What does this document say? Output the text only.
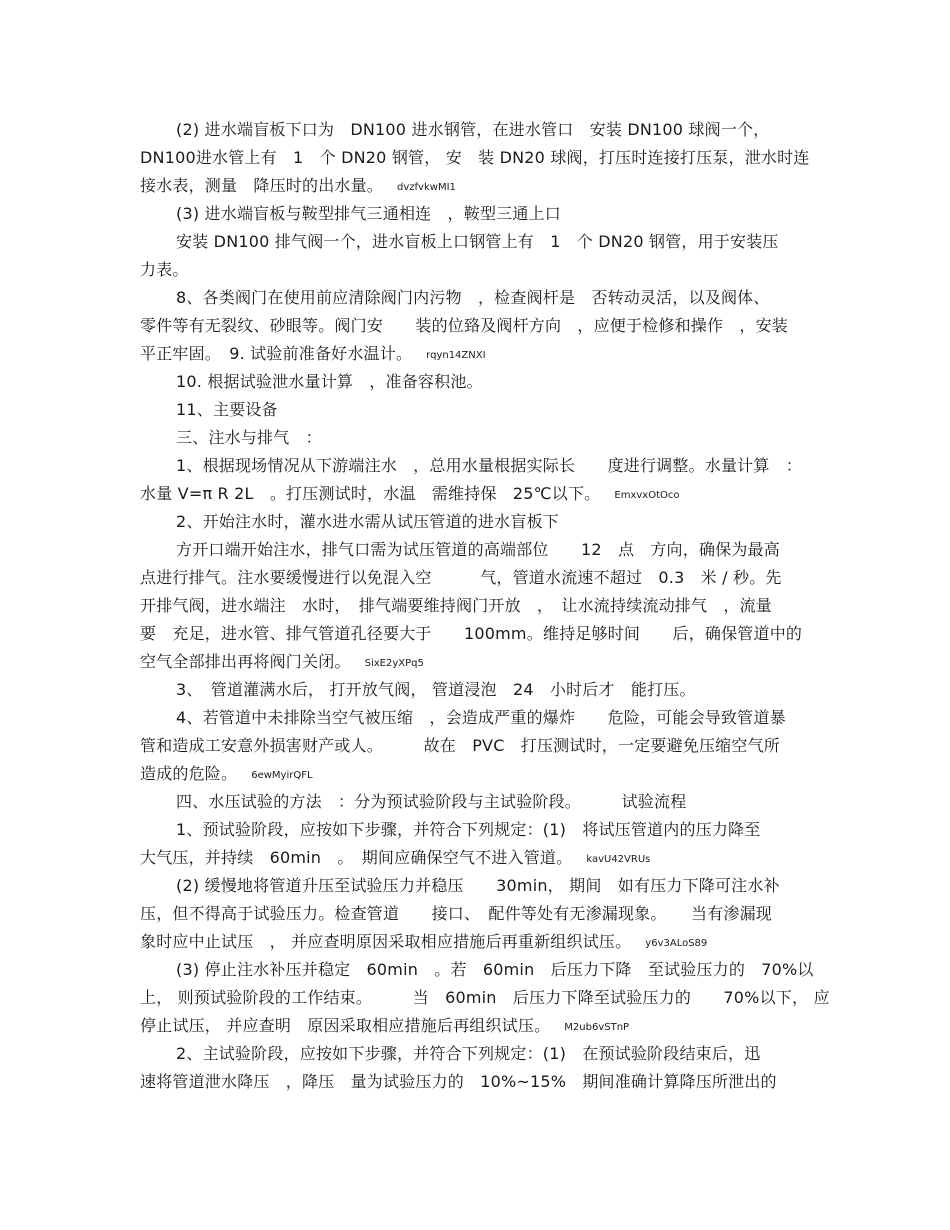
(2) 进水端盲板下口为　DN100 进水钢管，在进水管口　安装 DN100 球阀一个，
DN100进水管上有　1　个 DN20 钢管， 安　装 DN20 球阀，打压时连接打压泵，泄水时连
接水表，测量　降压时的出水量。 dvzfvkwMI1
(3) 进水端盲板与鞍型排气三通相连　，鞍型三通上口
安装 DN100 排气阀一个，进水盲板上口钢管上有　1　个 DN20 钢管，用于安装压
力表。
8、各类阀门在使用前应清除阀门内污物　，检查阀杆是　否转动灵活，以及阀体、
零件等有无裂纹、砂眼等。阀门安　　装的位臵及阀杆方向　，应便于检修和操作　，安装
平正牢固。　9. 试验前准备好水温计。 rqyn14ZNXI
10. 根据试验泄水量计算　，准备容积池。
11、主要设备
三、注水与排气　：
1、根据现场情况从下游端注水　，总用水量根据实际长　　度进行调整。水量计算　：
水量 V=π R 2L　。打压测试时，水温　需维持保　25℃以下。 EmxvxOtOco
2、开始注水时，灌水进水需从试压管道的进水盲板下
方开口端开始注水，排气口需为试压管道的高端部位　　12　点　方向，确保为最高
点进行排气。注水要缓慢进行以免混入空　　　气，管道水流速不超过　0.3　米 / 秒。先
开排气阀，进水端注　水时，　排气端要维持阀门开放　，　让水流持续流动排气　，流量
要　充足，进水管、排气管道孔径要大于　　100mm。维持足够时间　　后，确保管道中的
空气全部排出再将阀门关闭。 SixE2yXPq5
3、　管道灌满水后， 打开放气阀， 管道浸泡　24　小时后才　能打压。
4、若管道中未排除当空气被压缩　，会造成严重的爆炸　　危险，可能会导致管道暴
管和造成工安意外损害财产或人。　　　故在　PVC　打压测试时，一定要避免压缩空气所
造成的危险。 6ewMyirQFL
四、水压试验的方法　：分为预试验阶段与主试验阶段。　　　试验流程
1、预试验阶段，应按如下步骤，并符合下列规定：(1)　将试压管道内的压力降至
大气压，并持续　60min　。　期间应确保空气不进入管道。 kavU42VRUs
(2) 缓慢地将管道升压至试验压力并稳压　　30min， 期间　如有压力下降可注水补
压，但不得高于试验压力。检查管道　　接口、　配件等处有无渗漏现象。　　当有渗漏现
象时应中止试压　， 并应查明原因采取相应措施后再重新组织试压。 y6v3ALoS89
(3) 停止注水补压并稳定　60min　。若　60min　后压力下降　至试验压力的　70%以
上， 则预试验阶段的工作结束。　　　当　60min　后压力下降至试验压力的　　70%以下， 应
停止试压， 并应查明　原因采取相应措施后再组织试压。 M2ub6vSTnP
2、主试验阶段，应按如下步骤，并符合下列规定：(1)　在预试验阶段结束后，迅
速将管道泄水降压　，降压　量为试验压力的　10%~15%　期间准确计算降压所泄出的
